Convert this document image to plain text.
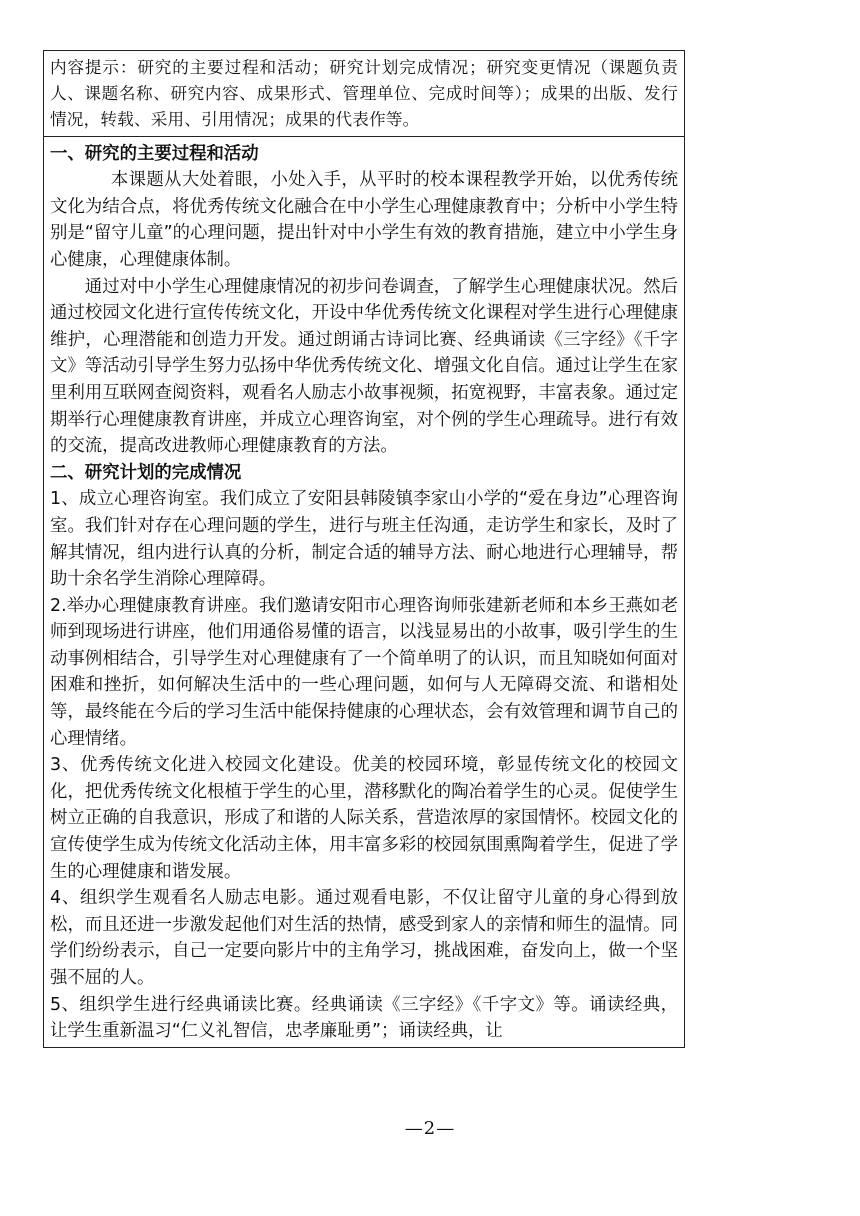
内容提示：研究的主要过程和活动；研究计划完成情况；研究变更情况（课题负责人、课题名称、研究内容、成果形式、管理单位、完成时间等）；成果的出版、发行情况，转载、采用、引用情况；成果的代表作等。

一、研究的主要过程和活动
本课题从大处着眼，小处入手，从平时的校本课程教学开始，以优秀传统文化为结合点，将优秀传统文化融合在中小学生心理健康教育中；分析中小学生特别是“留守儿童”的心理问题，提出针对中小学生有效的教育措施，建立中小学生身心健康，心理健康体制。
通过对中小学生心理健康情况的初步问卷调查，了解学生心理健康状况。然后通过校园文化进行宣传传统文化，开设中华优秀传统文化课程对学生进行心理健康维护，心理潜能和创造力开发。通过朗诵古诗词比赛、经典诵读《三字经》《千字文》等活动引导学生努力弘扬中华优秀传统文化、增强文化自信。通过让学生在家里利用互联网查阅资料，观看名人励志小故事视频，拓宽视野，丰富表象。通过定期举行心理健康教育讲座，并成立心理咨询室，对个例的学生心理疏导。进行有效的交流，提高改进教师心理健康教育的方法。
二、研究计划的完成情况
1、成立心理咨询室。我们成立了安阳县韩陵镇李家山小学的“爱在身边”心理咨询室。我们针对存在心理问题的学生，进行与班主任沟通，走访学生和家长，及时了解其情况，组内进行认真的分析，制定合适的辅导方法、耐心地进行心理辅导，帮助十余名学生消除心理障碍。
2.举办心理健康教育讲座。我们邀请安阳市心理咨询师张建新老师和本乡王燕如老师到现场进行讲座，他们用通俗易懂的语言，以浅显易出的小故事，吸引学生的生动事例相结合，引导学生对心理健康有了一个简单明了的认识，而且知晓如何面对困难和挫折，如何解决生活中的一些心理问题，如何与人无障碍交流、和谐相处等，最终能在今后的学习生活中能保持健康的心理状态，会有效管理和调节自己的心理情绪。
3、优秀传统文化进入校园文化建设。优美的校园环境，彰显传统文化的校园文化，把优秀传统文化根植于学生的心里，潜移默化的陶冶着学生的心灵。促使学生树立正确的自我意识，形成了和谐的人际关系，营造浓厚的家国情怀。校园文化的宣传使学生成为传统文化活动主体，用丰富多彩的校园氛围熏陶着学生，促进了学生的心理健康和谐发展。
4、组织学生观看名人励志电影。通过观看电影，不仅让留守儿童的身心得到放松，而且还进一步激发起他们对生活的热情，感受到家人的亲情和师生的温情。同学们纷纷表示，自己一定要向影片中的主角学习，挑战困难，奋发向上，做一个坚强不屈的人。
5、组织学生进行经典诵读比赛。经典诵读《三字经》《千字文》等。诵读经典，让学生重新温习“仁义礼智信，忠孝廉耻勇”；诵读经典，让
—2—
